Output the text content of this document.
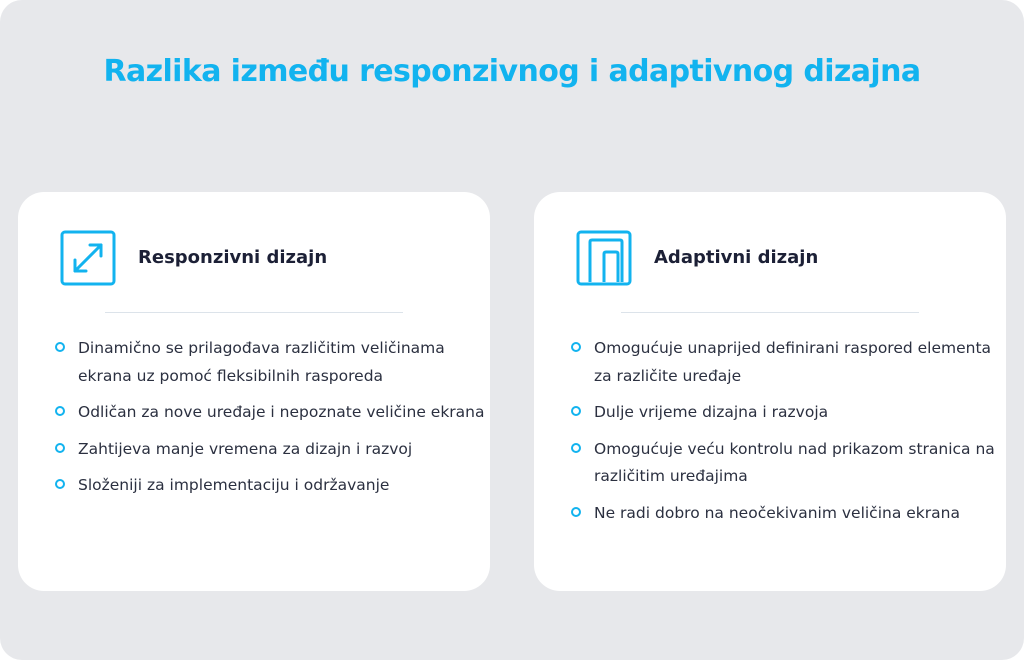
Razlika između responzivnog i adaptivnog dizajna
Responzivni dizajn
Dinamično se prilagođava različitim veličinama ekrana uz pomoć fleksibilnih rasporeda
Odličan za nove uređaje i nepoznate veličine ekrana
Zahtijeva manje vremena za dizajn i razvoj
Složeniji za implementaciju i održavanje
Adaptivni dizajn
Omogućuje unaprijed definirani raspored elementa za različite uređaje
Dulje vrijeme dizajna i razvoja
Omogućuje veću kontrolu nad prikazom stranica na različitim uređajima
Ne radi dobro na neočekivanim veličina ekrana
